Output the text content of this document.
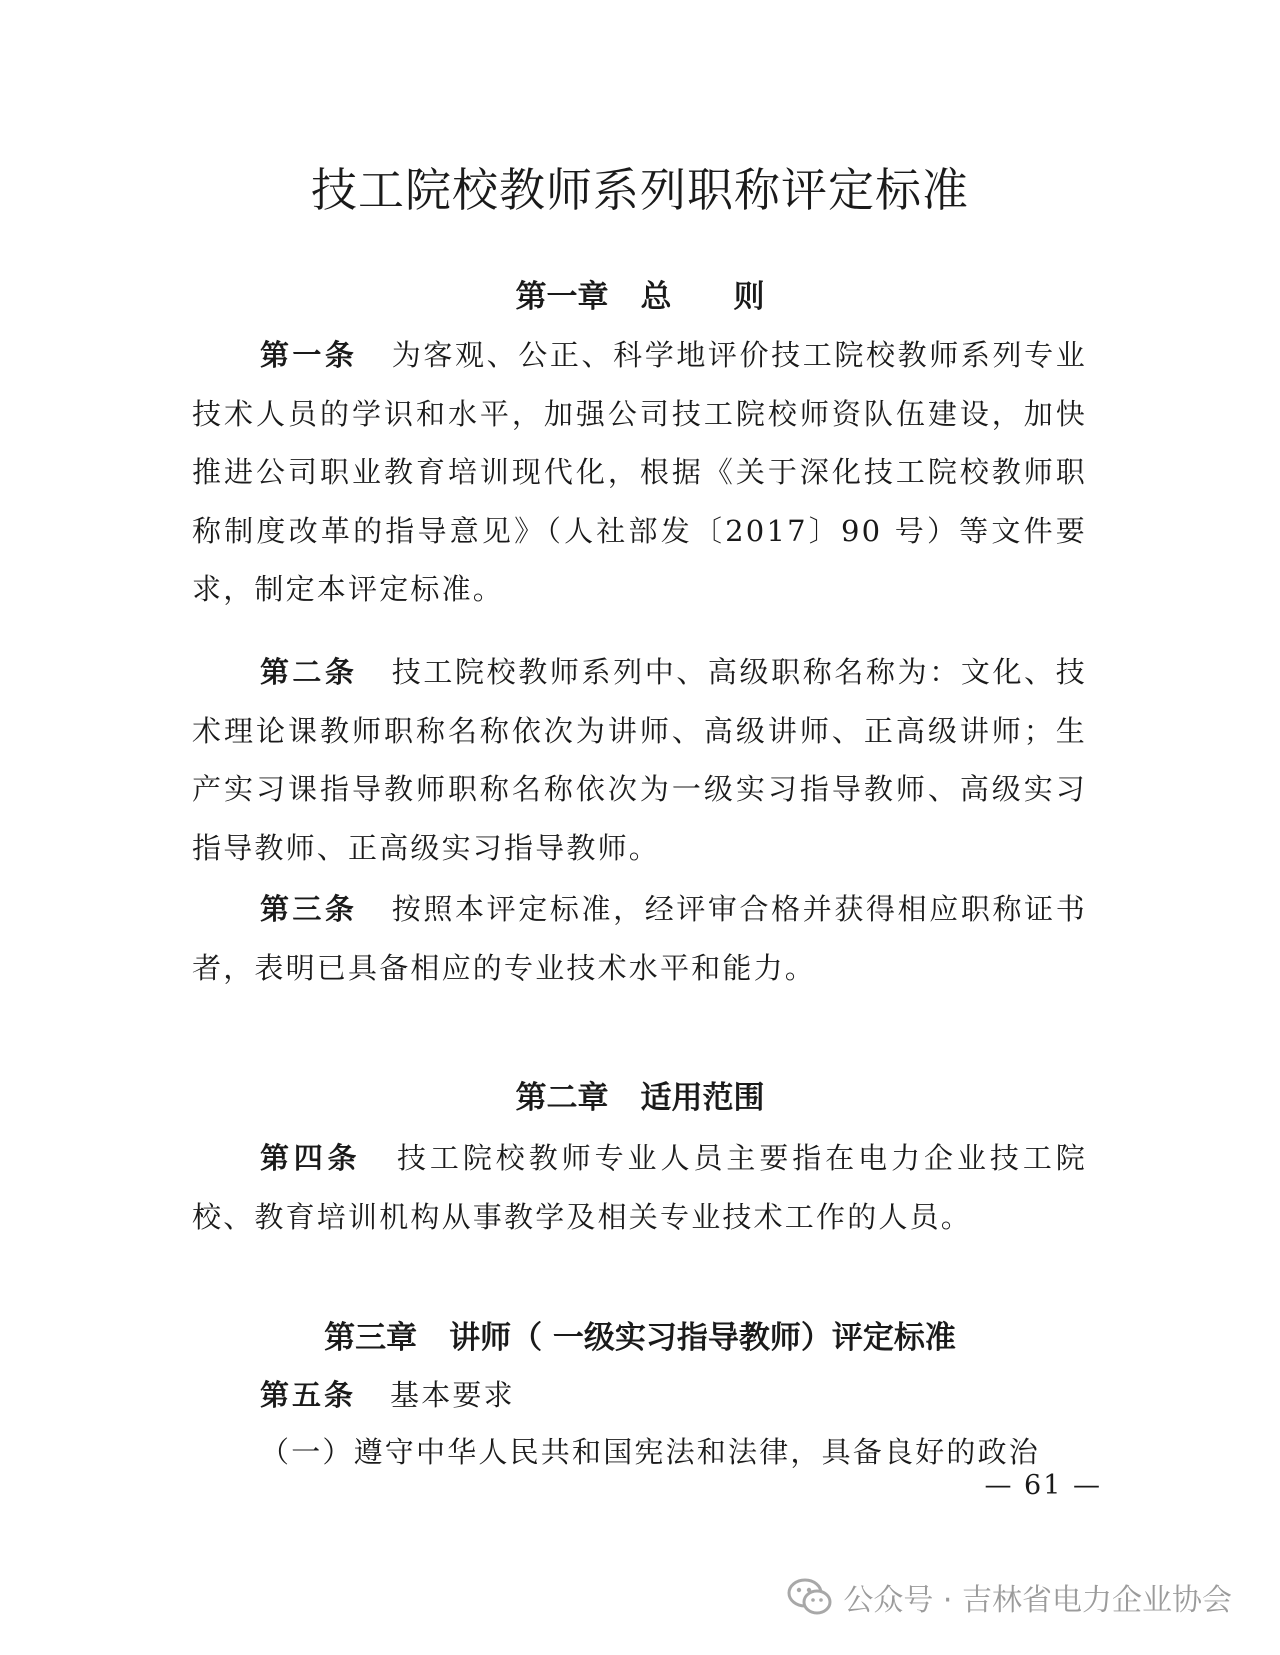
技工院校教师系列职称评定标准
第一章 总　　则
第一条 为客观、公正、科学地评价技工院校教师系列专业技术人员的学识和水平，加强公司技工院校师资队伍建设，加快推进公司职业教育培训现代化，根据《关于深化技工院校教师职称制度改革的指导意见》（人社部发〔2017〕90 号）等文件要求，制定本评定标准。
第二条 技工院校教师系列中、高级职称名称为：文化、技术理论课教师职称名称依次为讲师、高级讲师、正高级讲师；生产实习课指导教师职称名称依次为一级实习指导教师、高级实习指导教师、正高级实习指导教师。
第三条 按照本评定标准，经评审合格并获得相应职称证书者，表明已具备相应的专业技术水平和能力。
第二章 适用范围
第四条 技工院校教师专业人员主要指在电力企业技工院校、教育培训机构从事教学及相关专业技术工作的人员。
第三章 讲师（ 一级实习指导教师）评定标准
第五条 基本要求
（一）遵守中华人民共和国宪法和法律，具备良好的政治
— 61 —
公众号 · 吉林省电力企业协会
